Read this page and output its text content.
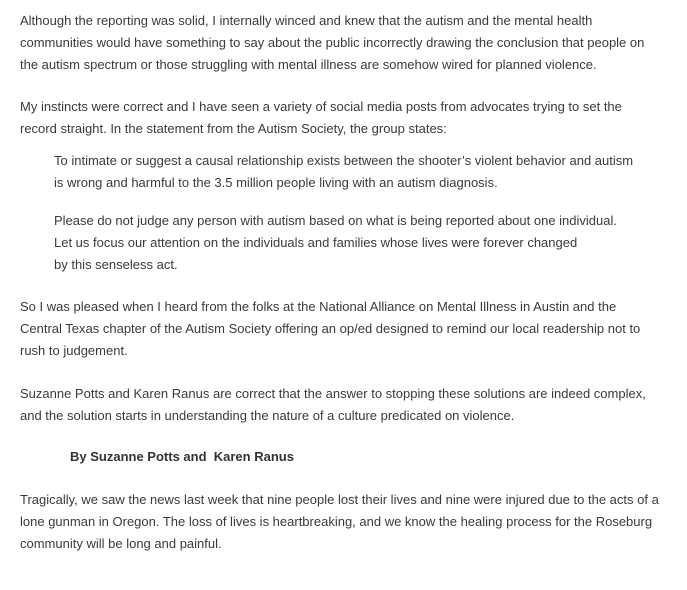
Although the reporting was solid, I internally winced and knew that the autism and the mental health
communities would have something to say about the public incorrectly drawing the conclusion that people on
the autism spectrum or those struggling with mental illness are somehow wired for planned violence.

My instincts were correct and I have seen a variety of social media posts from advocates trying to set the
record straight. In the statement from the Autism Society, the group states:

To intimate or suggest a causal relationship exists between the shooter’s violent behavior and autism
is wrong and harmful to the 3.5 million people living with an autism diagnosis.
Please do not judge any person with autism based on what is being reported about one individual.
Let us focus our attention on the individuals and families whose lives were forever changed
by this senseless act.

So I was pleased when I heard from the folks at the National Alliance on Mental Illness in Austin and the
Central Texas chapter of the Autism Society offering an op/ed designed to remind our local readership not to
rush to judgement.

Suzanne Potts and Karen Ranus are correct that the answer to stopping these solutions are indeed complex,
and the solution starts in understanding the nature of a culture predicated on violence.

By Suzanne Potts and  Karen Ranus

Tragically, we saw the news last week that nine people lost their lives and nine were injured due to the acts of a
lone gunman in Oregon. The loss of lives is heartbreaking, and we know the healing process for the Roseburg
community will be long and painful.
